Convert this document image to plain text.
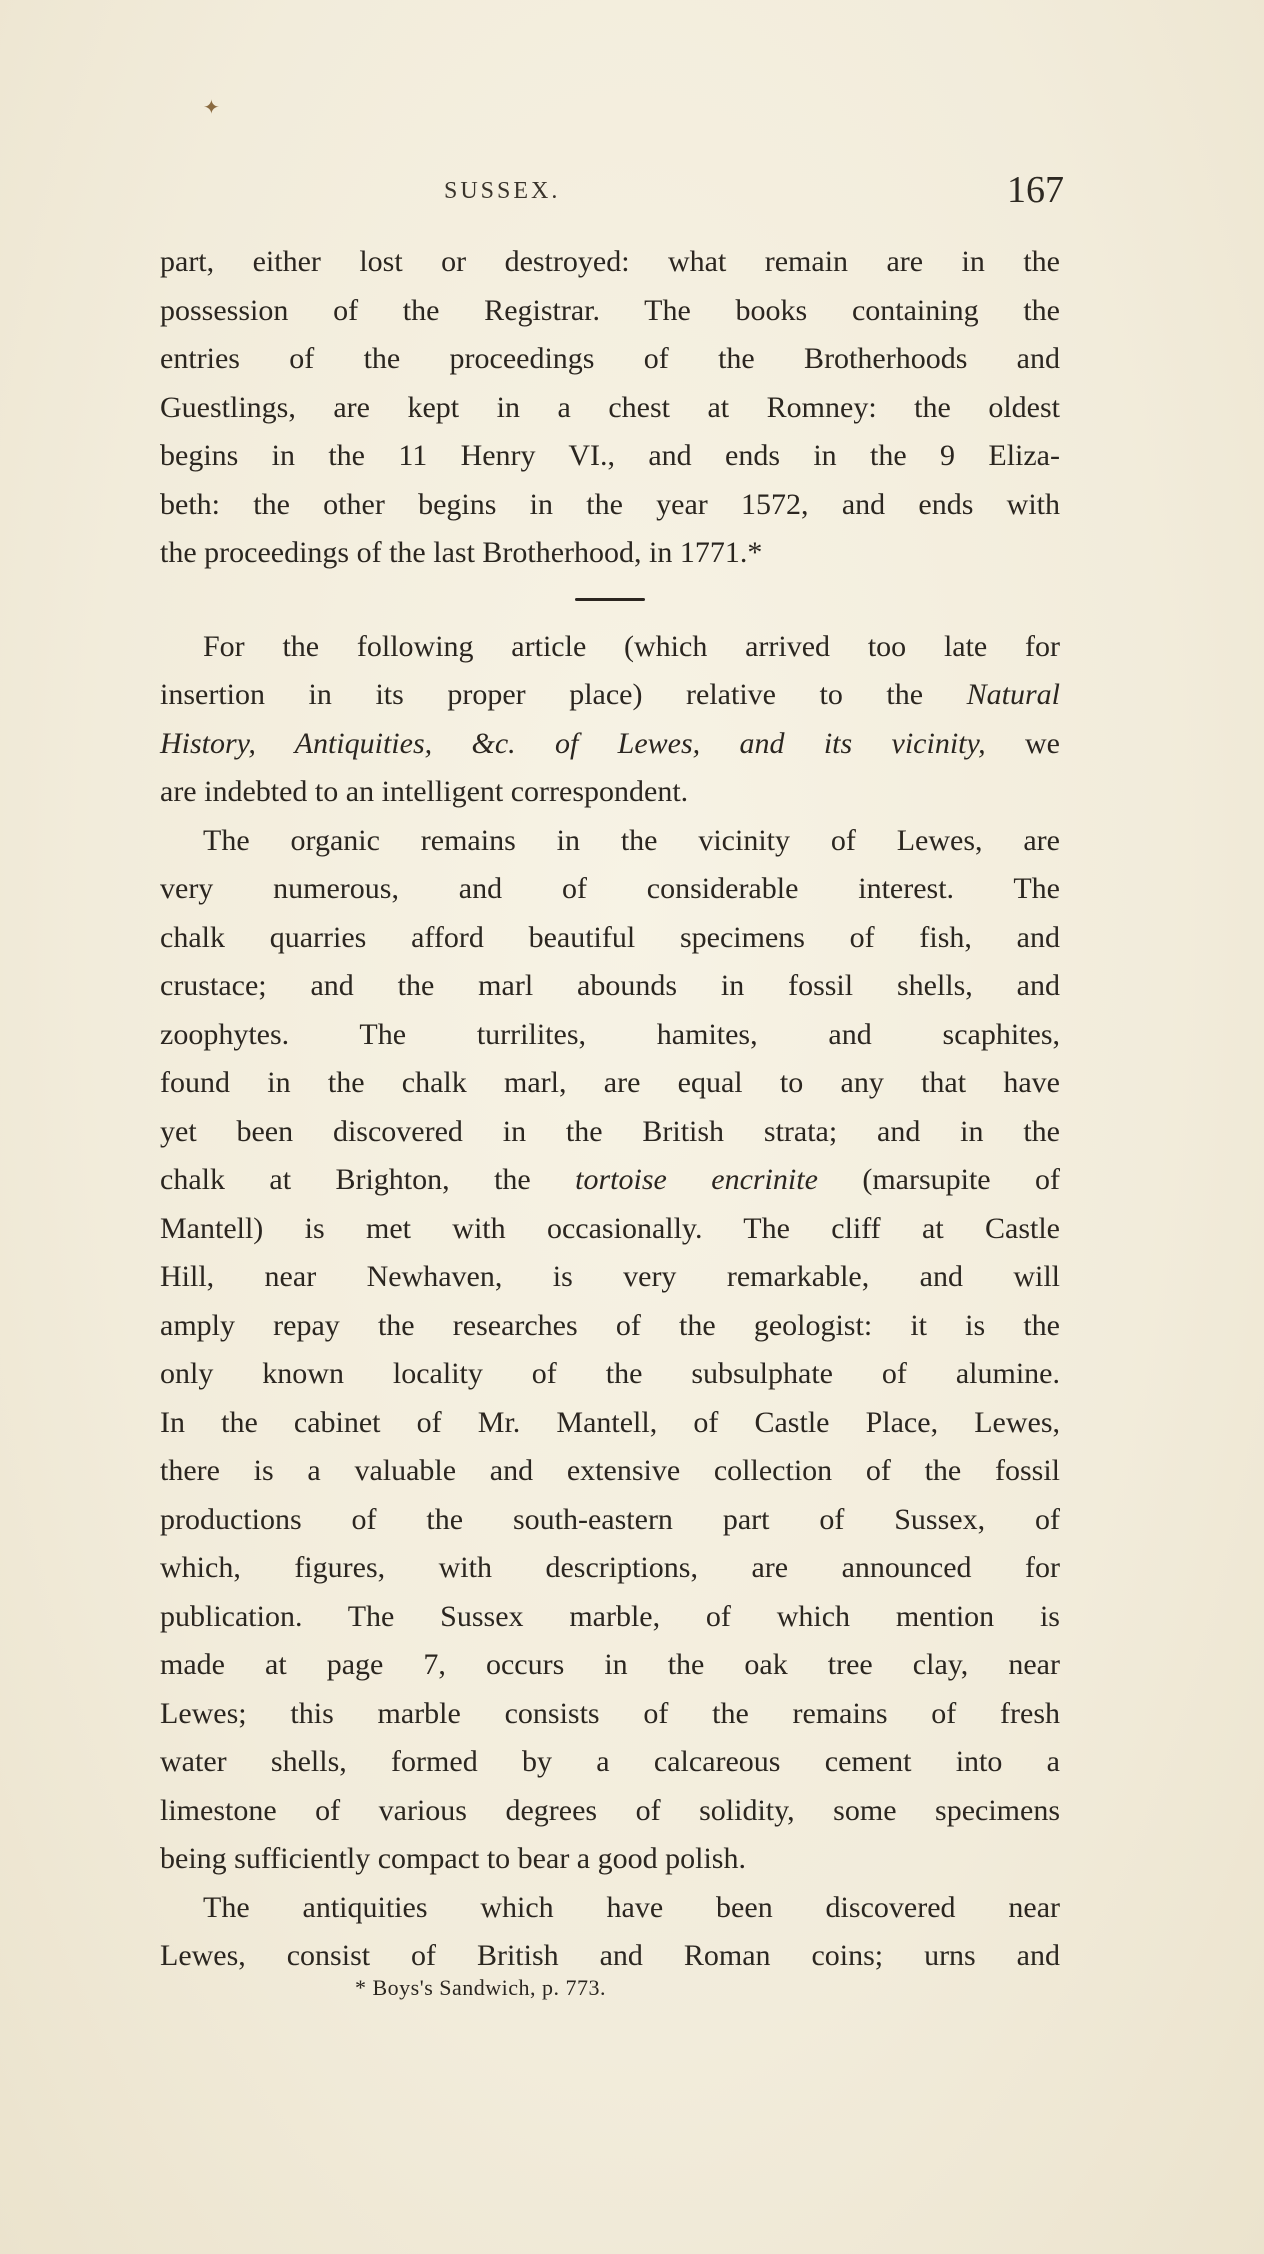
✦
SUSSEX.	167
part, either lost or destroyed: what remain are in the
possession of the Registrar. The books containing the
entries of the proceedings of the Brotherhoods and
Guestlings, are kept in a chest at Romney: the oldest
begins in the 11 Henry VI., and ends in the 9 Eliza-
beth: the other begins in the year 1572, and ends with
the proceedings of the last Brotherhood, in 1771.*
For the following article (which arrived too late for
insertion in its proper place) relative to the Natural
History, Antiquities, &c. of Lewes, and its vicinity, we
are indebted to an intelligent correspondent.
The organic remains in the vicinity of Lewes, are
very numerous, and of considerable interest. The
chalk quarries afford beautiful specimens of fish, and
crustace; and the marl abounds in fossil shells, and
zoophytes. The turrilites, hamites, and scaphites,
found in the chalk marl, are equal to any that have
yet been discovered in the British strata; and in the
chalk at Brighton, the tortoise encrinite (marsupite of
Mantell) is met with occasionally. The cliff at Castle
Hill, near Newhaven, is very remarkable, and will
amply repay the researches of the geologist: it is the
only known locality of the subsulphate of alumine.
In the cabinet of Mr. Mantell, of Castle Place, Lewes,
there is a valuable and extensive collection of the fossil
productions of the south-eastern part of Sussex, of
which, figures, with descriptions, are announced for
publication. The Sussex marble, of which mention is
made at page 7, occurs in the oak tree clay, near
Lewes; this marble consists of the remains of fresh
water shells, formed by a calcareous cement into a
limestone of various degrees of solidity, some specimens
being sufficiently compact to bear a good polish.
The antiquities which have been discovered near
Lewes, consist of British and Roman coins; urns and
* Boys's Sandwich, p. 773.
